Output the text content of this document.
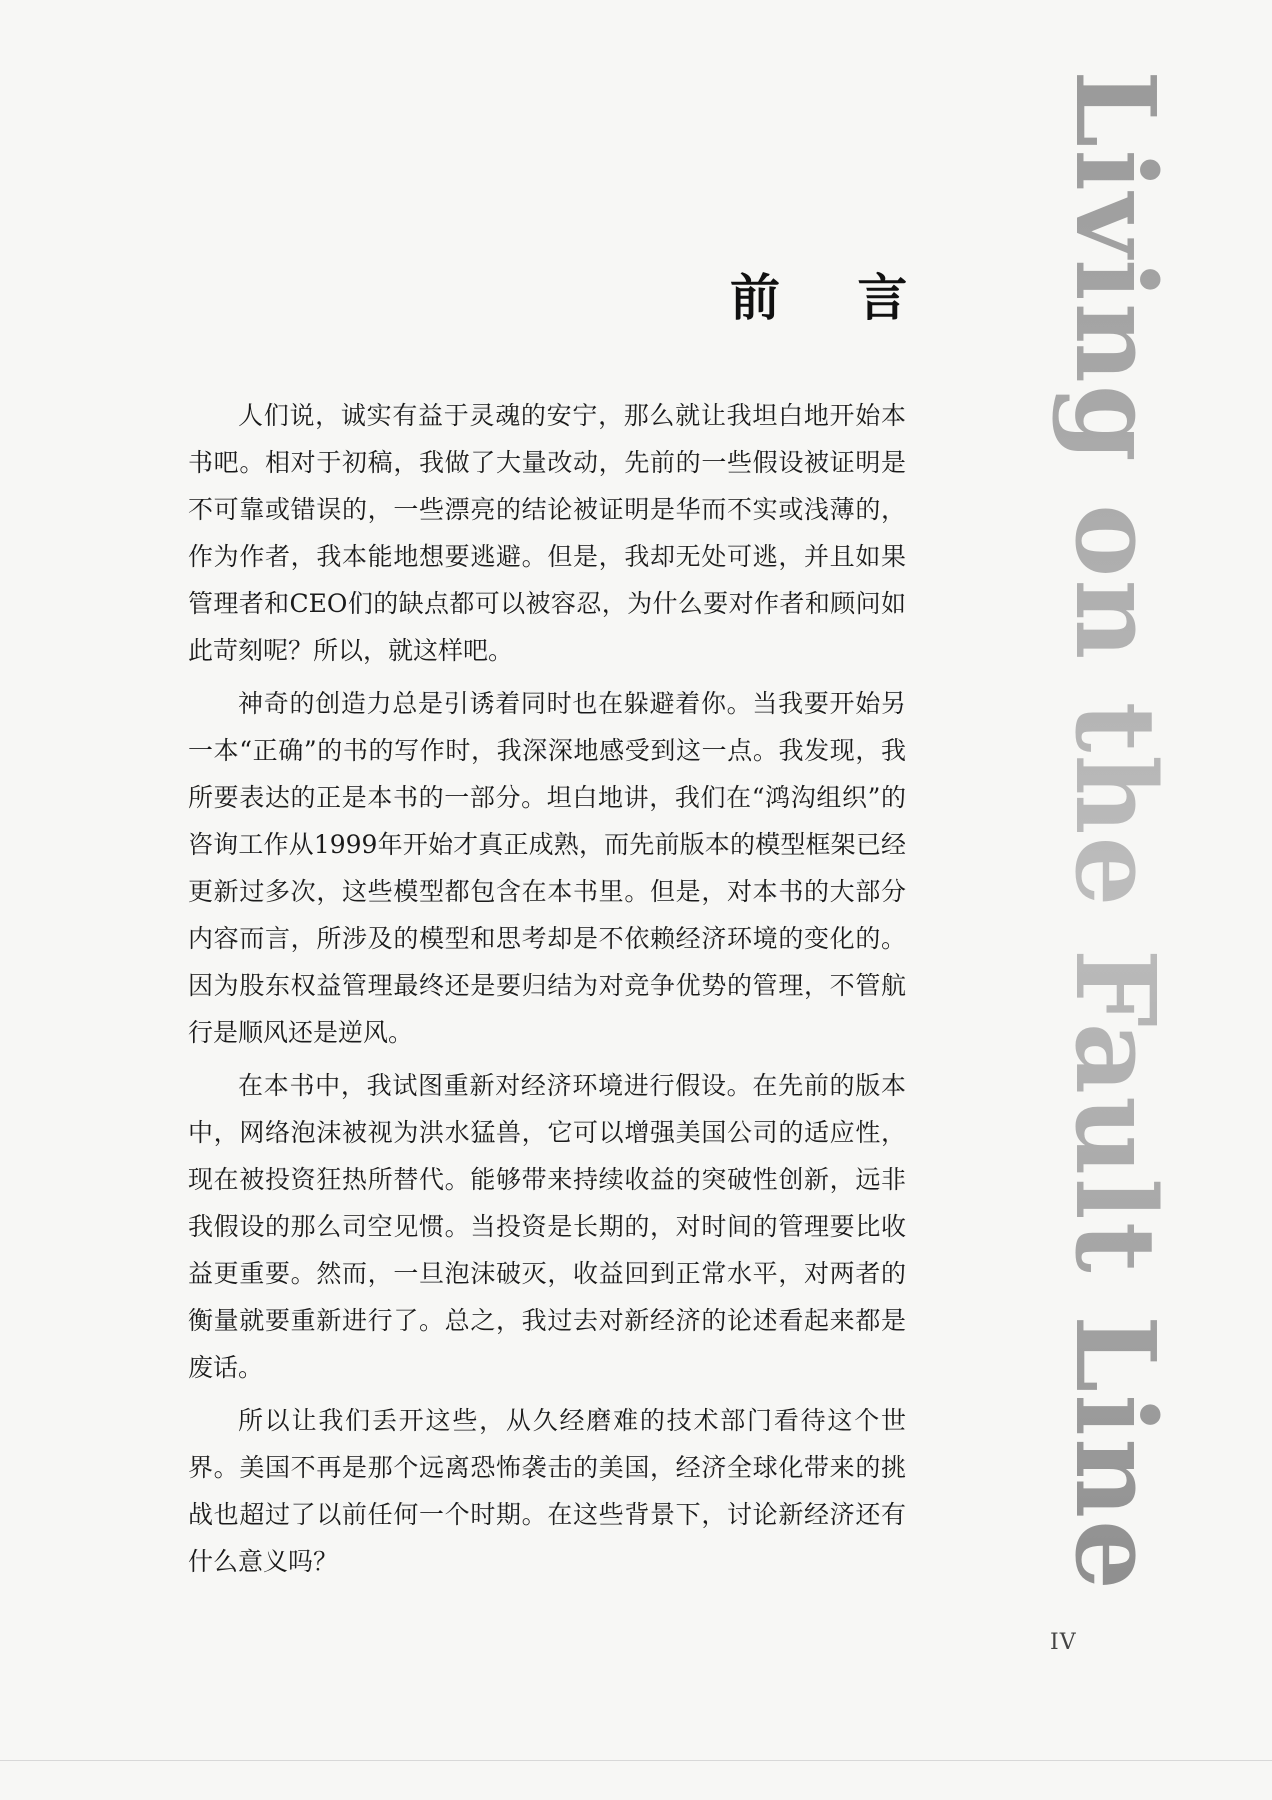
Living on the Fault Line
前 言

人们说，诚实有益于灵魂的安宁，那么就让我坦白地开始本书吧。相对于初稿，我做了大量改动，先前的一些假设被证明是不可靠或错误的，一些漂亮的结论被证明是华而不实或浅薄的，作为作者，我本能地想要逃避。但是，我却无处可逃，并且如果管理者和CEO们的缺点都可以被容忍，为什么要对作者和顾问如此苛刻呢？所以，就这样吧。

神奇的创造力总是引诱着同时也在躲避着你。当我要开始另一本“正确”的书的写作时，我深深地感受到这一点。我发现，我所要表达的正是本书的一部分。坦白地讲，我们在“鸿沟组织”的咨询工作从1999年开始才真正成熟，而先前版本的模型框架已经更新过多次，这些模型都包含在本书里。但是，对本书的大部分内容而言，所涉及的模型和思考却是不依赖经济环境的变化的。因为股东权益管理最终还是要归结为对竞争优势的管理，不管航行是顺风还是逆风。

在本书中，我试图重新对经济环境进行假设。在先前的版本中，网络泡沫被视为洪水猛兽，它可以增强美国公司的适应性，现在被投资狂热所替代。能够带来持续收益的突破性创新，远非我假设的那么司空见惯。当投资是长期的，对时间的管理要比收益更重要。然而，一旦泡沫破灭，收益回到正常水平，对两者的衡量就要重新进行了。总之，我过去对新经济的论述看起来都是废话。

所以让我们丢开这些，从久经磨难的技术部门看待这个世界。美国不再是那个远离恐怖袭击的美国，经济全球化带来的挑战也超过了以前任何一个时期。在这些背景下，讨论新经济还有什么意义吗？

IV
